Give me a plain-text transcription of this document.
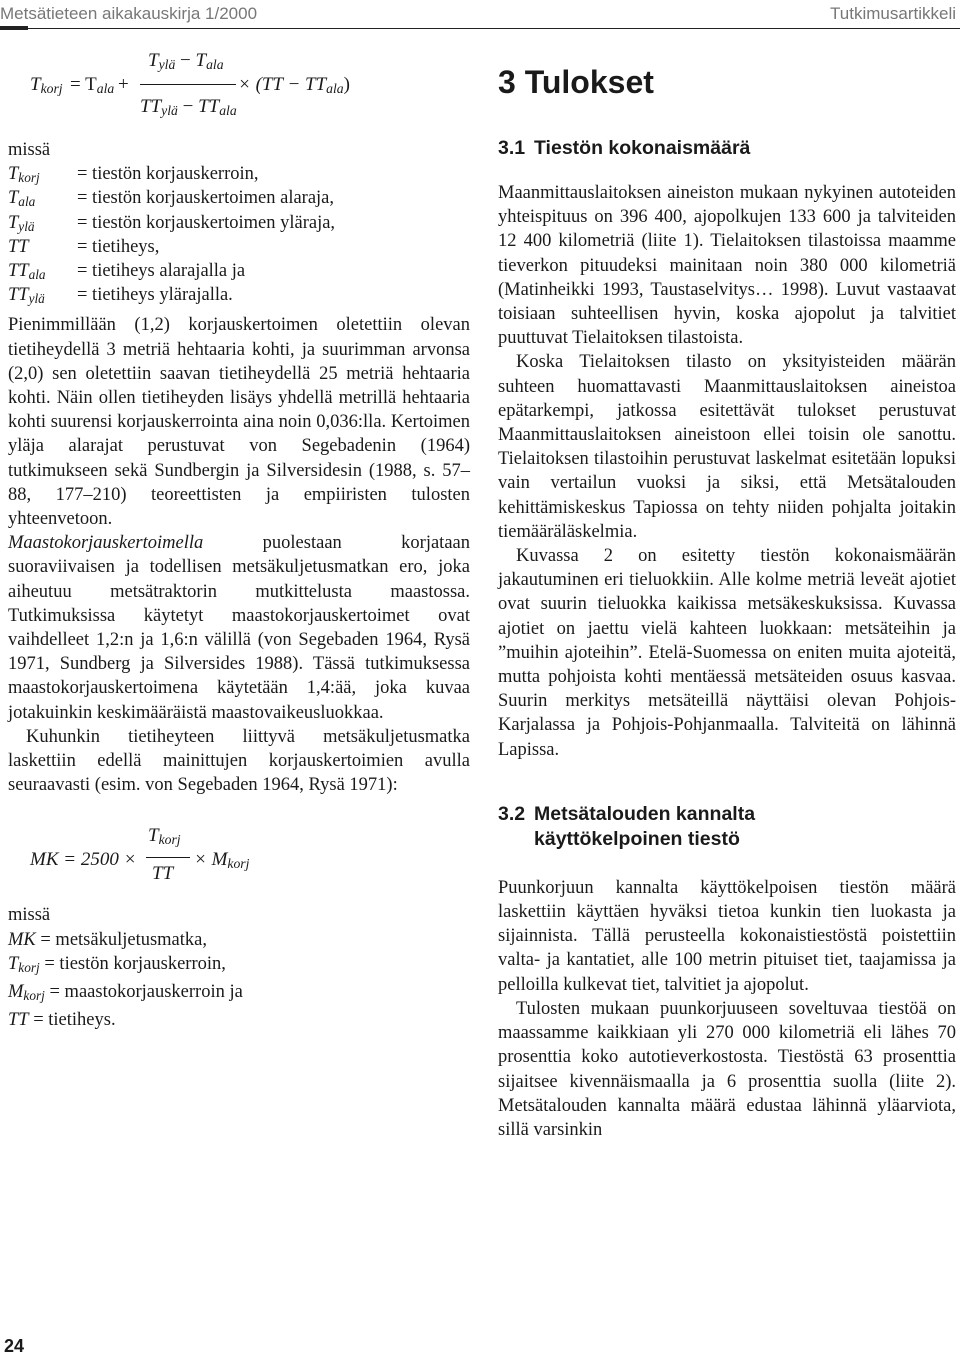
Metsätieteen aikakauskirja 1/2000	Tutkimusartikkeli
$T_{korj} = T_{ala}$ +
$T_{ylä} - T_{ala}$
$TT_{ylä} - TT_{ala}$
× $(TT - TT_{ala})$
missä
$T_{korj}$ = tiestön korjauskerroin,
$T_{ala}$ = tiestön korjauskertoimen alaraja,
$T_{ylä}$ = tiestön korjauskertoimen yläraja,
TT	= tietiheys,
$TT_{ala}$ = tietiheys alarajalla ja
$TT_{ylä}$ = tietiheys ylärajalla.

Pienimmillään (1,2) korjauskertoimen oletettiin olevan tietiheydellä 3 metriä hehtaaria kohti, ja suurimman arvonsa (2,0) sen oletettiin saavan tietiheydellä 25 metriä hehtaaria kohti. Näin ollen tietiheyden lisäys yhdellä metrillä hehtaaria kohti suurensi korjauskerrointa aina noin 0,036:lla. Kertoimen yläja alarajat perustuvat von Segebadenin (1964) tutkimukseen sekä Sundbergin ja Silversidesin (1988, s. 57–88, 177–210) teoreettisten ja empiiristen tulosten yhteenvetoon.

Maastokorjauskertoimella puolestaan korjataan suoraviivaisen ja todellisen metsäkuljetusmatkan ero, joka aiheutuu metsätraktorin mutkittelusta maastossa. Tutkimuksissa käytetyt maastokorjauskertoimet ovat vaihdelleet 1,2:n ja 1,6:n välillä (von Segebaden 1964, Rysä 1971, Sundberg ja Silversides 1988). Tässä tutkimuksessa maastokorjauskertoimena käytetään 1,4:ää, joka kuvaa jotakuinkin keskimääräistä maastovaikeusluokkaa.

Kuhunkin tietiheyteen liittyvä metsäkuljetusmatka laskettiin edellä mainittujen korjauskertoimien avulla seuraavasti (esim. von Segebaden 1964, Rysä 1971):

MK = 2500 ×
$T_{korj}$
TT
× $M_{korj}$
missä
MK = metsäkuljetusmatka,
$T_{korj}$ = tiestön korjauskerroin,
$M_{korj}$ = maastokorjauskerroin ja
TT = tietiheys.
3 Tulokset
3.1 Tiestön kokonaismäärä

Maanmittauslaitoksen aineiston mukaan nykyinen autoteiden yhteispituus on 396 400, ajopolkujen 133 600 ja talviteiden 12 400 kilometriä (liite 1). Tielaitoksen tilastoissa maamme tieverkon pituudeksi mainitaan noin 380 000 kilometriä (Matinheikki 1993, Taustaselvitys… 1998). Luvut vastaavat toisiaan suhteellisen hyvin, koska ajopolut ja talvitiet puuttuvat Tielaitoksen tilastoista.

Koska Tielaitoksen tilasto on yksityisteiden määrän suhteen huomattavasti Maanmittauslaitoksen aineistoa epätarkempi, jatkossa esitettävät tulokset perustuvat Maanmittauslaitoksen aineistoon ellei toisin ole sanottu. Tielaitoksen tilastoihin perustuvat laskelmat esitetään lopuksi vain vertailun vuoksi ja siksi, että Metsätalouden kehittämiskeskus Tapiossa on tehty niiden pohjalta joitakin tiemääräläskelmia.

Kuvassa 2 on esitetty tiestön kokonaismäärän jakautuminen eri tieluokkiin. Alle kolme metriä leveät ajotiet ovat suurin tieluokka kaikissa metsäkeskuksissa. Kuvassa ajotiet on jaettu vielä kahteen luokkaan: metsäteihin ja ”muihin ajoteihin”. Etelä-Suomessa on eniten muita ajoteitä, mutta pohjoista kohti mentäessä metsäteiden osuus kasvaa. Suurin merkitys metsäteillä näyttäisi olevan Pohjois-Karjalassa ja Pohjois-Pohjanmaalla. Talviteitä on lähinnä Lapissa.

3.2 Metsätalouden kannalta käyttökelpoinen tiestö

Puunkorjuun kannalta käyttökelpoisen tiestön määrä laskettiin käyttäen hyväksi tietoa kunkin tien luokasta ja sijainnista. Tällä perusteella kokonaistiestöstä poistettiin valta- ja kantatiet, alle 100 metrin pituiset tiet, taajamissa ja pelloilla kulkevat tiet, talvitiet ja ajopolut.

Tulosten mukaan puunkorjuuseen soveltuvaa tiestöä on maassamme kaikkiaan yli 270 000 kilometriä eli lähes 70 prosenttia koko autotieverkostosta. Tiestöstä 63 prosenttia sijaitsee kivennäismaalla ja 6 prosenttia suolla (liite 2). Metsätalouden kannalta määrä edustaa lähinnä yläarviota, sillä varsinkin

24
